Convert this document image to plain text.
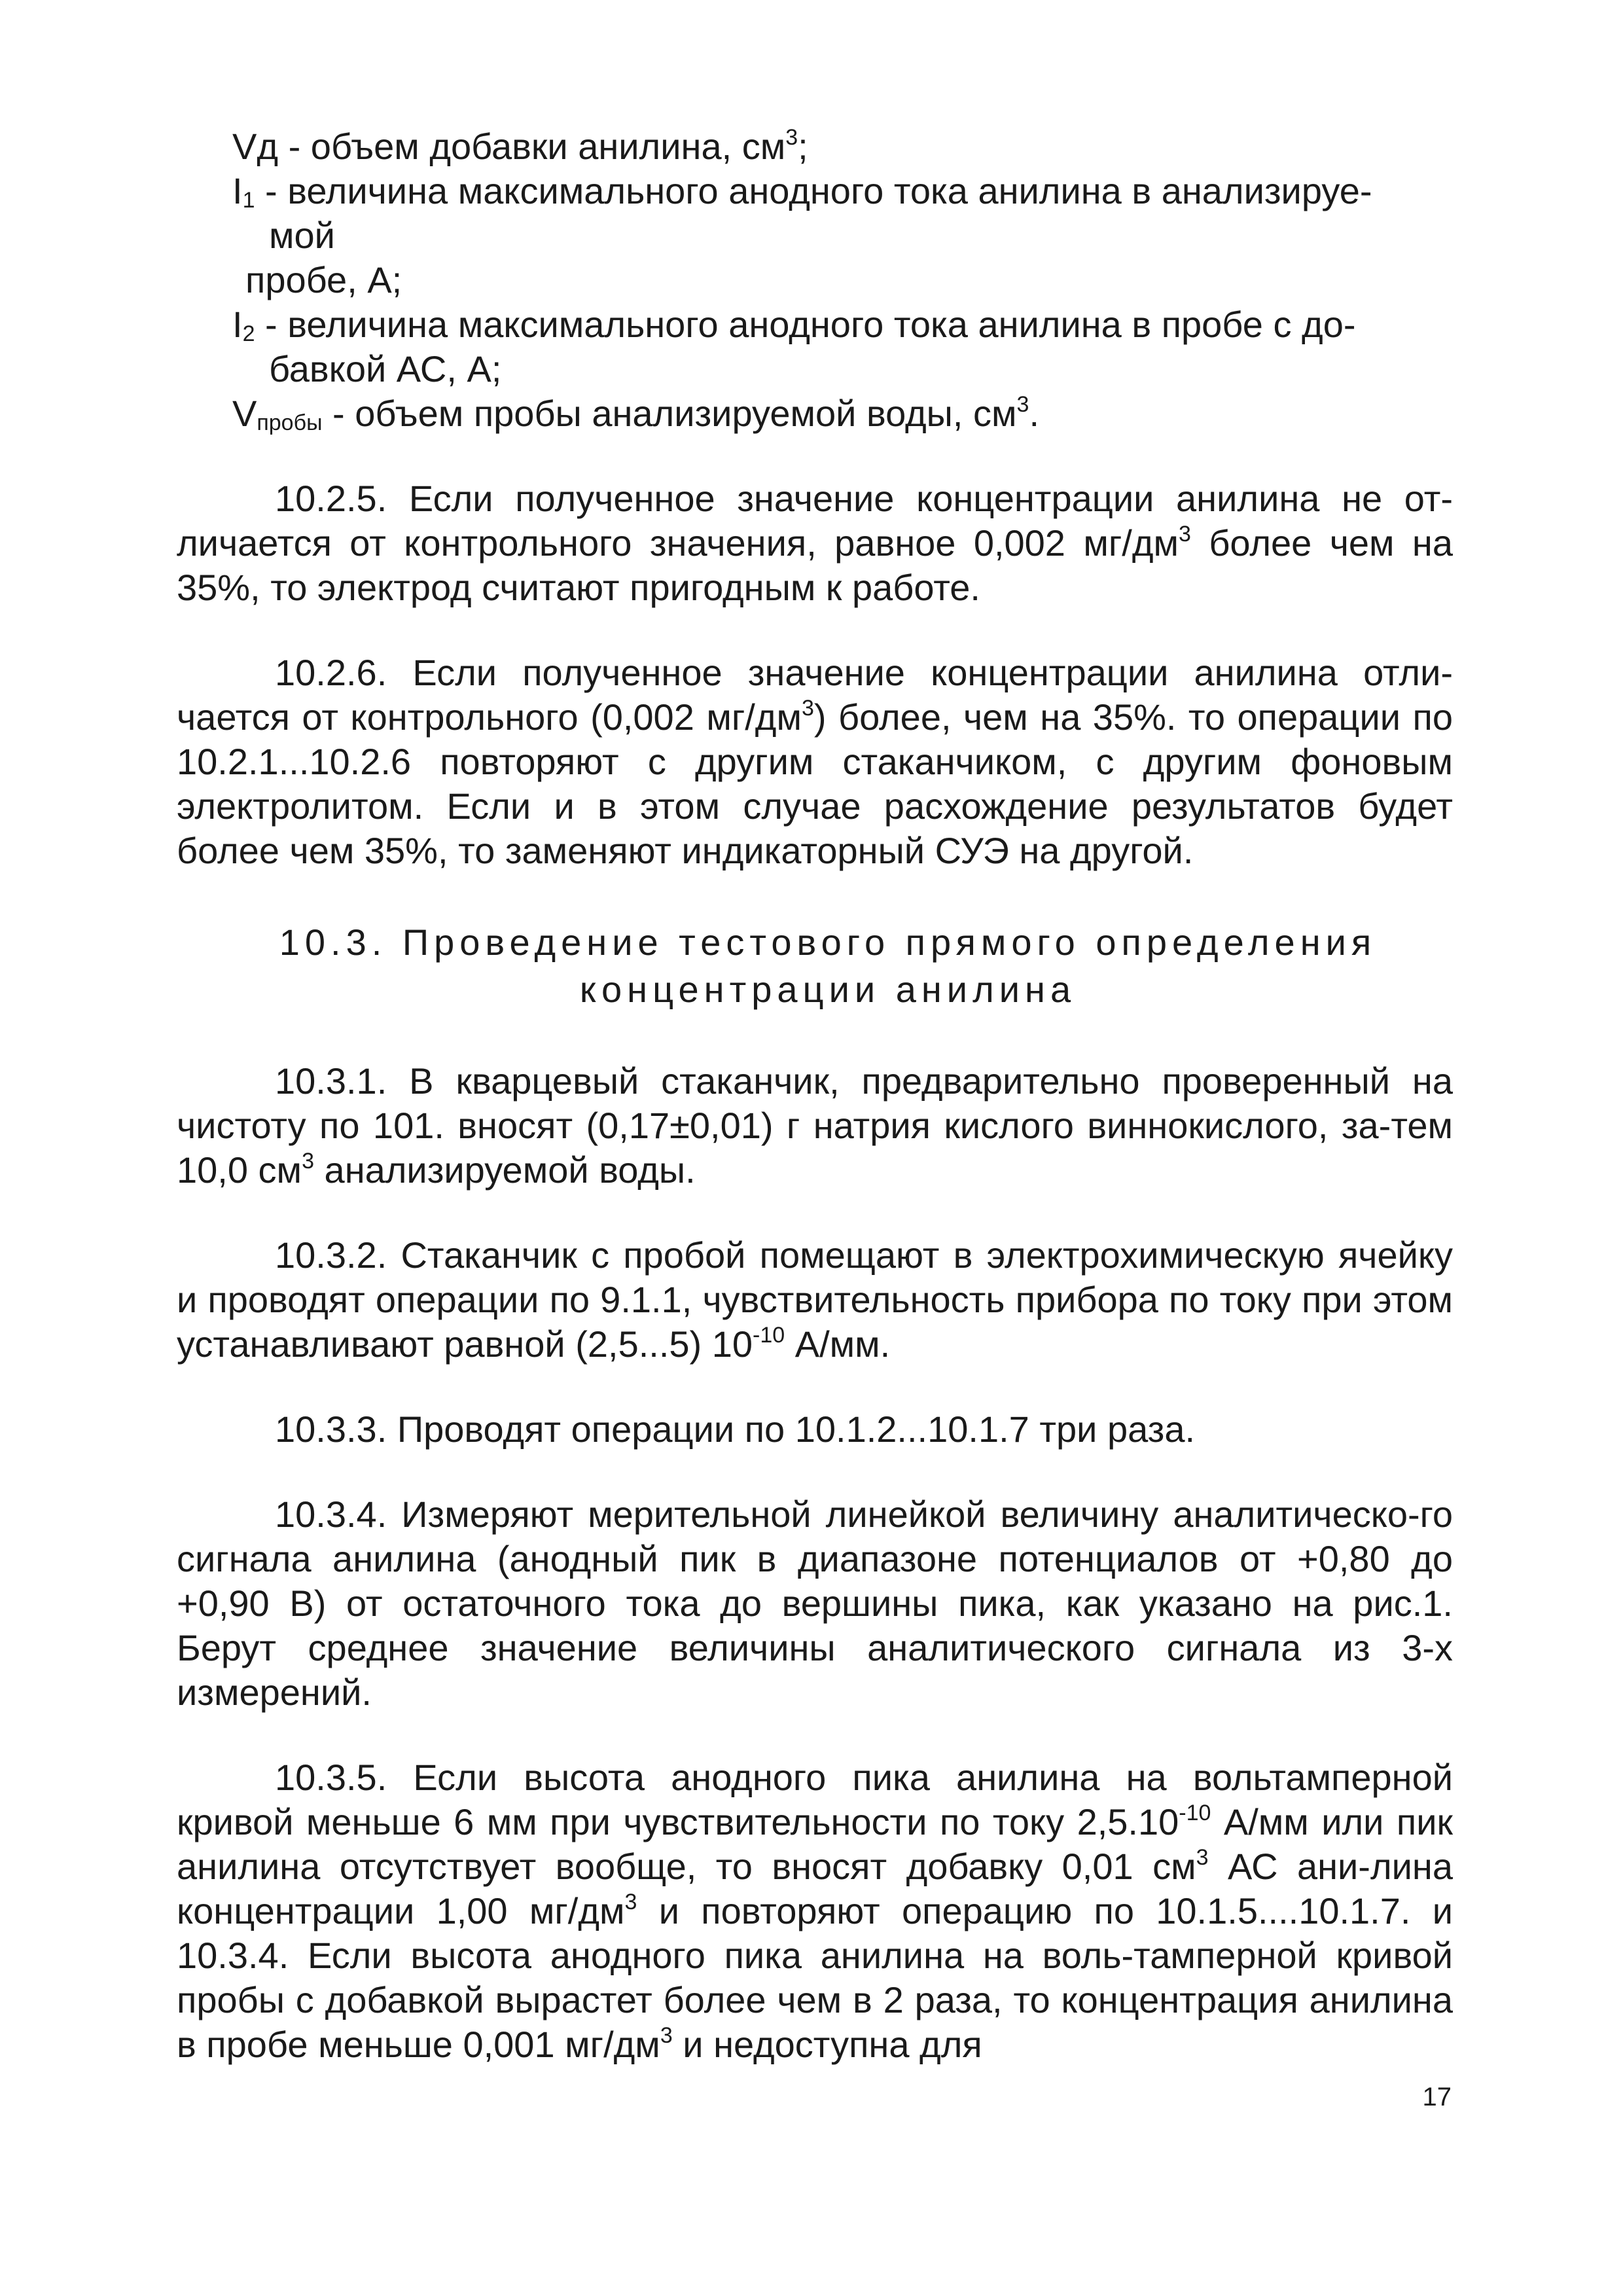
Vд - объем добавки анилина, $см^3$;

$I_1$ - величина максимального анодного тока анилина в анализируе-
мой

пробе, А;

$I_2$ - величина максимального анодного тока анилина в пробе с до-
бавкой АС, А;

$V_{пробы}$ - объем пробы анализируемой воды, $см^3$.

10.2.5. Если полученное значение концентрации анилина не от-личается от контрольного значения, равное 0,002 $мг/дм^3$ более чем на 35%, то электрод считают пригодным к работе.

10.2.6. Если полученное значение концентрации анилина отли-чается от контрольного (0,002 $мг/дм^3$) более, чем на 35%. то операции по 10.2.1...10.2.6 повторяют с другим стаканчиком, с другим фоновым электролитом. Если и в этом случае расхождение результатов будет более чем 35%, то заменяют индикаторный СУЭ на другой.

10.3. Проведение тестового прямого определения

концентрации анилина

10.3.1. В кварцевый стаканчик, предварительно проверенный на чистоту по 101. вносят (0,17±0,01) г натрия кислого виннокислого, за-тем 10,0 $см^3$ анализируемой воды.

10.3.2. Стаканчик с пробой помещают в электрохимическую ячейку и проводят операции по 9.1.1, чувствительность прибора по току при этом устанавливают равной (2,5...5) $10^{-10}$ А/мм.

10.3.3. Проводят операции по 10.1.2...10.1.7 три раза.

10.3.4. Измеряют мерительной линейкой величину аналитическо-го сигнала анилина (анодный пик в диапазоне потенциалов от +0,80 до +0,90 В) от остаточного тока до вершины пика, как указано на рис.1. Берут среднее значение величины аналитического сигнала из 3-х измерений.

10.3.5. Если высота анодного пика анилина на вольтамперной кривой меньше 6 мм при чувствительности по току $2,5.10^{-10}$ А/мм или пик анилина отсутствует вообще, то вносят добавку 0,01 $см^3$ АС ани-лина концентрации 1,00 $мг/дм^3$ и повторяют операцию по 10.1.5....10.1.7. и 10.3.4. Если высота анодного пика анилина на воль-тамперной кривой пробы с добавкой вырастет более чем в 2 раза, то концентрация анилина в пробе меньше 0,001 $мг/дм^3$ и недоступна для

17
